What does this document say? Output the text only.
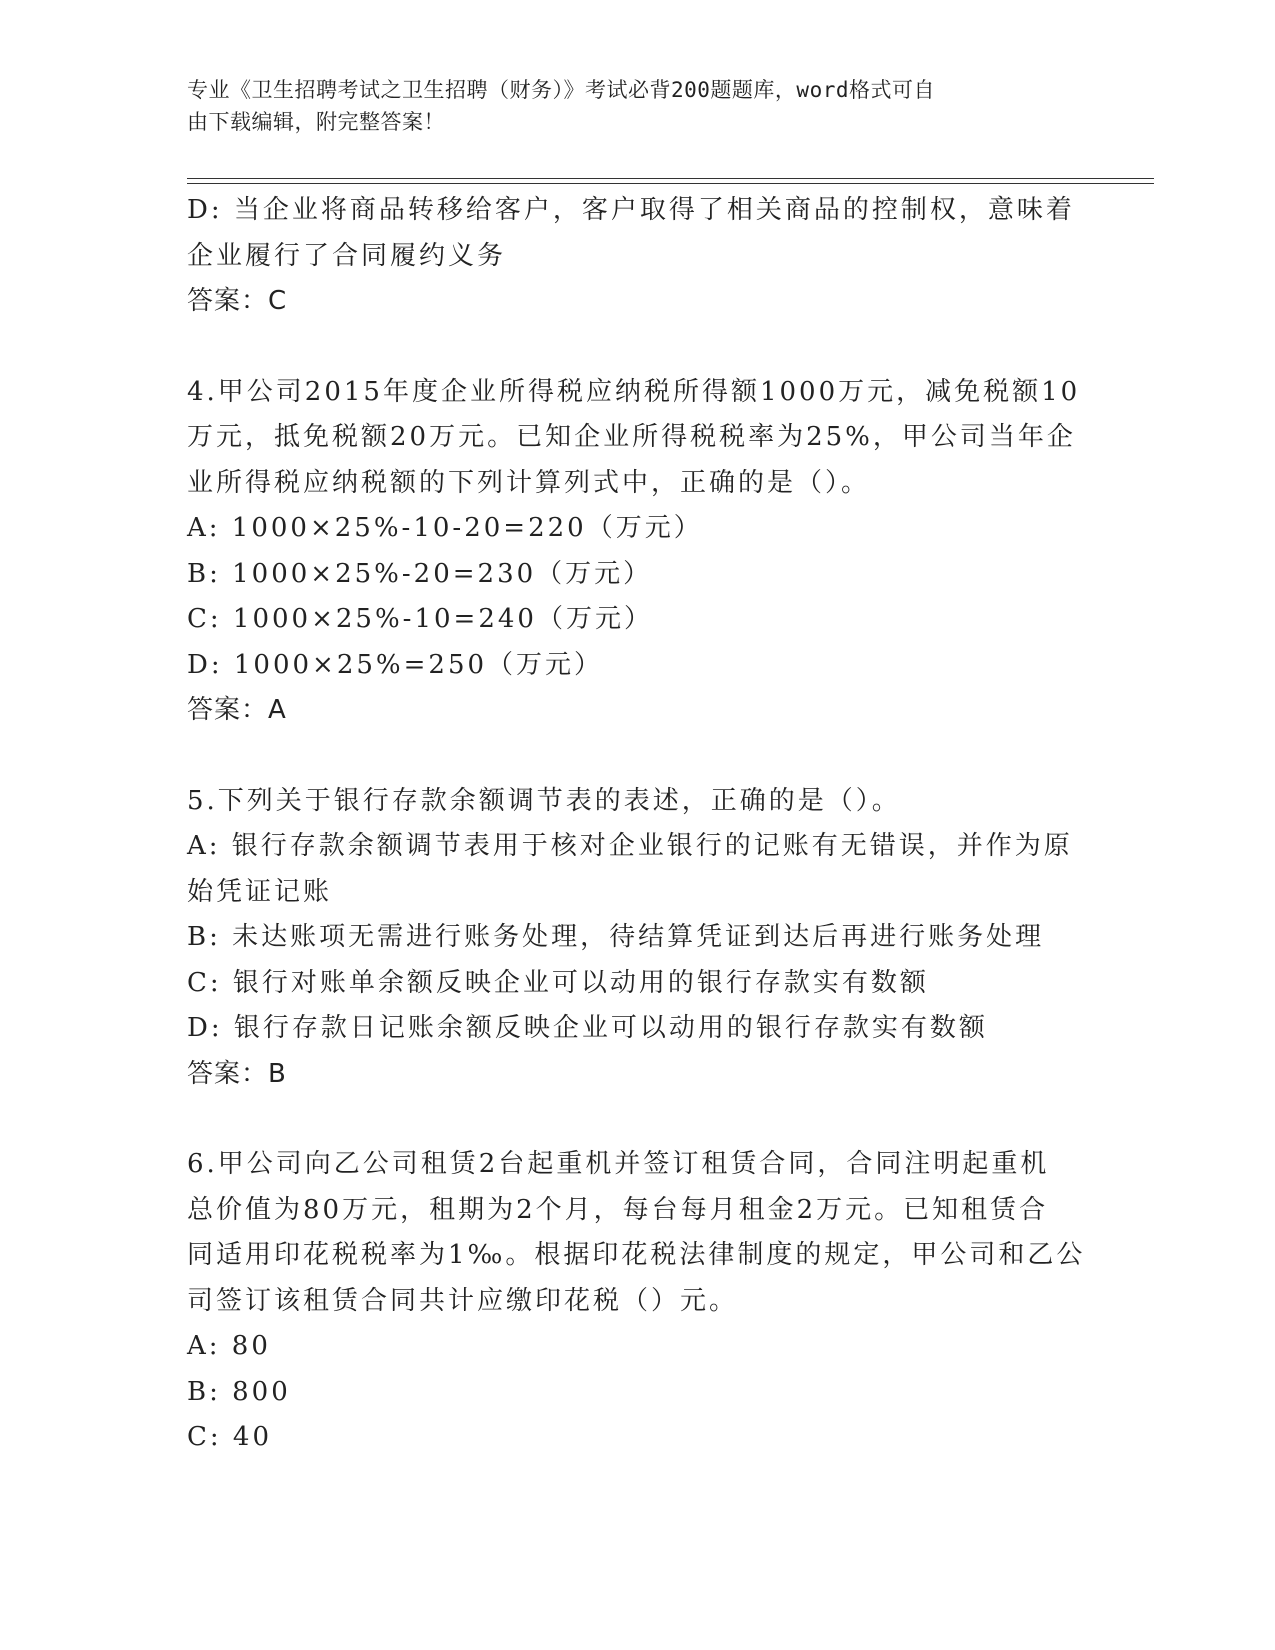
专业《卫生招聘考试之卫生招聘（财务）》考试必背200题题库，word格式可自
由下载编辑，附完整答案！
D: 当企业将商品转移给客户，客户取得了相关商品的控制权，意味着
企业履行了合同履约义务
答案：C
4.甲公司2015年度企业所得税应纳税所得额1000万元，减免税额10
万元，抵免税额20万元。已知企业所得税税率为25%，甲公司当年企
业所得税应纳税额的下列计算列式中，正确的是（）。
A: 1000×25%-10-20=220（万元）
B: 1000×25%-20=230（万元）
C: 1000×25%-10=240（万元）
D: 1000×25%=250（万元）
答案：A
5.下列关于银行存款余额调节表的表述，正确的是（）。
A: 银行存款余额调节表用于核对企业银行的记账有无错误，并作为原
始凭证记账
B: 未达账项无需进行账务处理，待结算凭证到达后再进行账务处理
C: 银行对账单余额反映企业可以动用的银行存款实有数额
D: 银行存款日记账余额反映企业可以动用的银行存款实有数额
答案：B
6.甲公司向乙公司租赁2台起重机并签订租赁合同，合同注明起重机
总价值为80万元，租期为2个月，每台每月租金2万元。已知租赁合
同适用印花税税率为1‰。根据印花税法律制度的规定，甲公司和乙公
司签订该租赁合同共计应缴印花税（）元。
A: 80
B: 800
C: 40
